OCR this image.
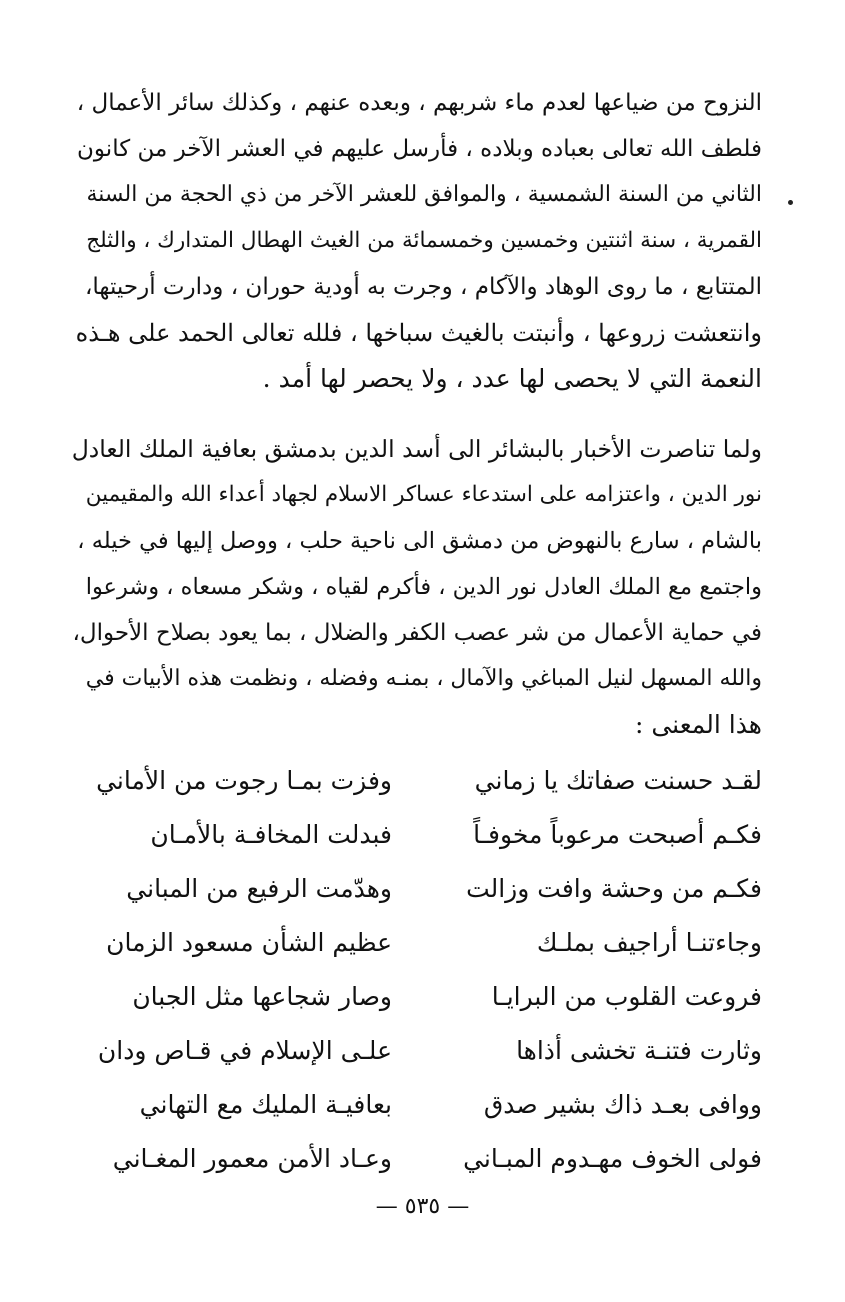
النزوح من ضياعها لعدم ماء شربهم ، وبعده عنهم ، وكذلك سائر الأعمال ،
فلطف الله تعالى بعباده وبلاده ، فأرسل عليهم في العشر الآخر من كانون
الثاني من السنة الشمسية ، والموافق للعشر الآخر من ذي الحجة من السنة
القمرية ، سنة اثنتين وخمسين وخمسمائة من الغيث الهطال المتدارك ، والثلج
المتتابع ، ما روى الوهاد والآكام ، وجرت به أودية حوران ، ودارت أرحيتها،
وانتعشت زروعها ، وأنبتت بالغيث سباخها ، فلله تعالى الحمد على هـذه
النعمة التي لا يحصى لها عدد ، ولا يحصر لها أمد .

ولما تناصرت الأخبار بالبشائر الى أسد الدين بدمشق بعافية الملك العادل
نور الدين ، واعتزامه على استدعاء عساكر الاسلام لجهاد أعداء الله والمقيمين
بالشام ، سارع بالنهوض من دمشق الى ناحية حلب ، ووصل إليها في خيله ،
واجتمع مع الملك العادل نور الدين ، فأكرم لقياه ، وشكر مسعاه ، وشرعوا
في حماية الأعمال من شر عصب الكفر والضلال ، بما يعود بصلاح الأحوال،
والله المسهل لنيل المباغي والآمال ، بمنـه وفضله ، ونظمت هذه الأبيات في
هذا المعنى :

لقـد حسنت صفاتك يا زماني
وفزت بمـا رجوت من الأماني
فكـم أصبحت مرعوباً مخوفـاً
فبدلت المخافـة بالأمـان
فكـم من وحشة وافت وزالت
وهدّمت الرفيع من المباني
وجاءتنـا أراجيف بملـك
عظيم الشأن مسعود الزمان
فروعت القلوب من البرايـا
وصار شجاعها مثل الجبان
وثارت فتنـة تخشى أذاها
علـى الإسلام في قـاص ودان
ووافى بعـد ذاك بشير صدق
بعافيـة المليك مع التهاني
فولى الخوف مهـدوم المبـاني
وعـاد الأمن معمور المغـاني
— ٥٣٥ —
